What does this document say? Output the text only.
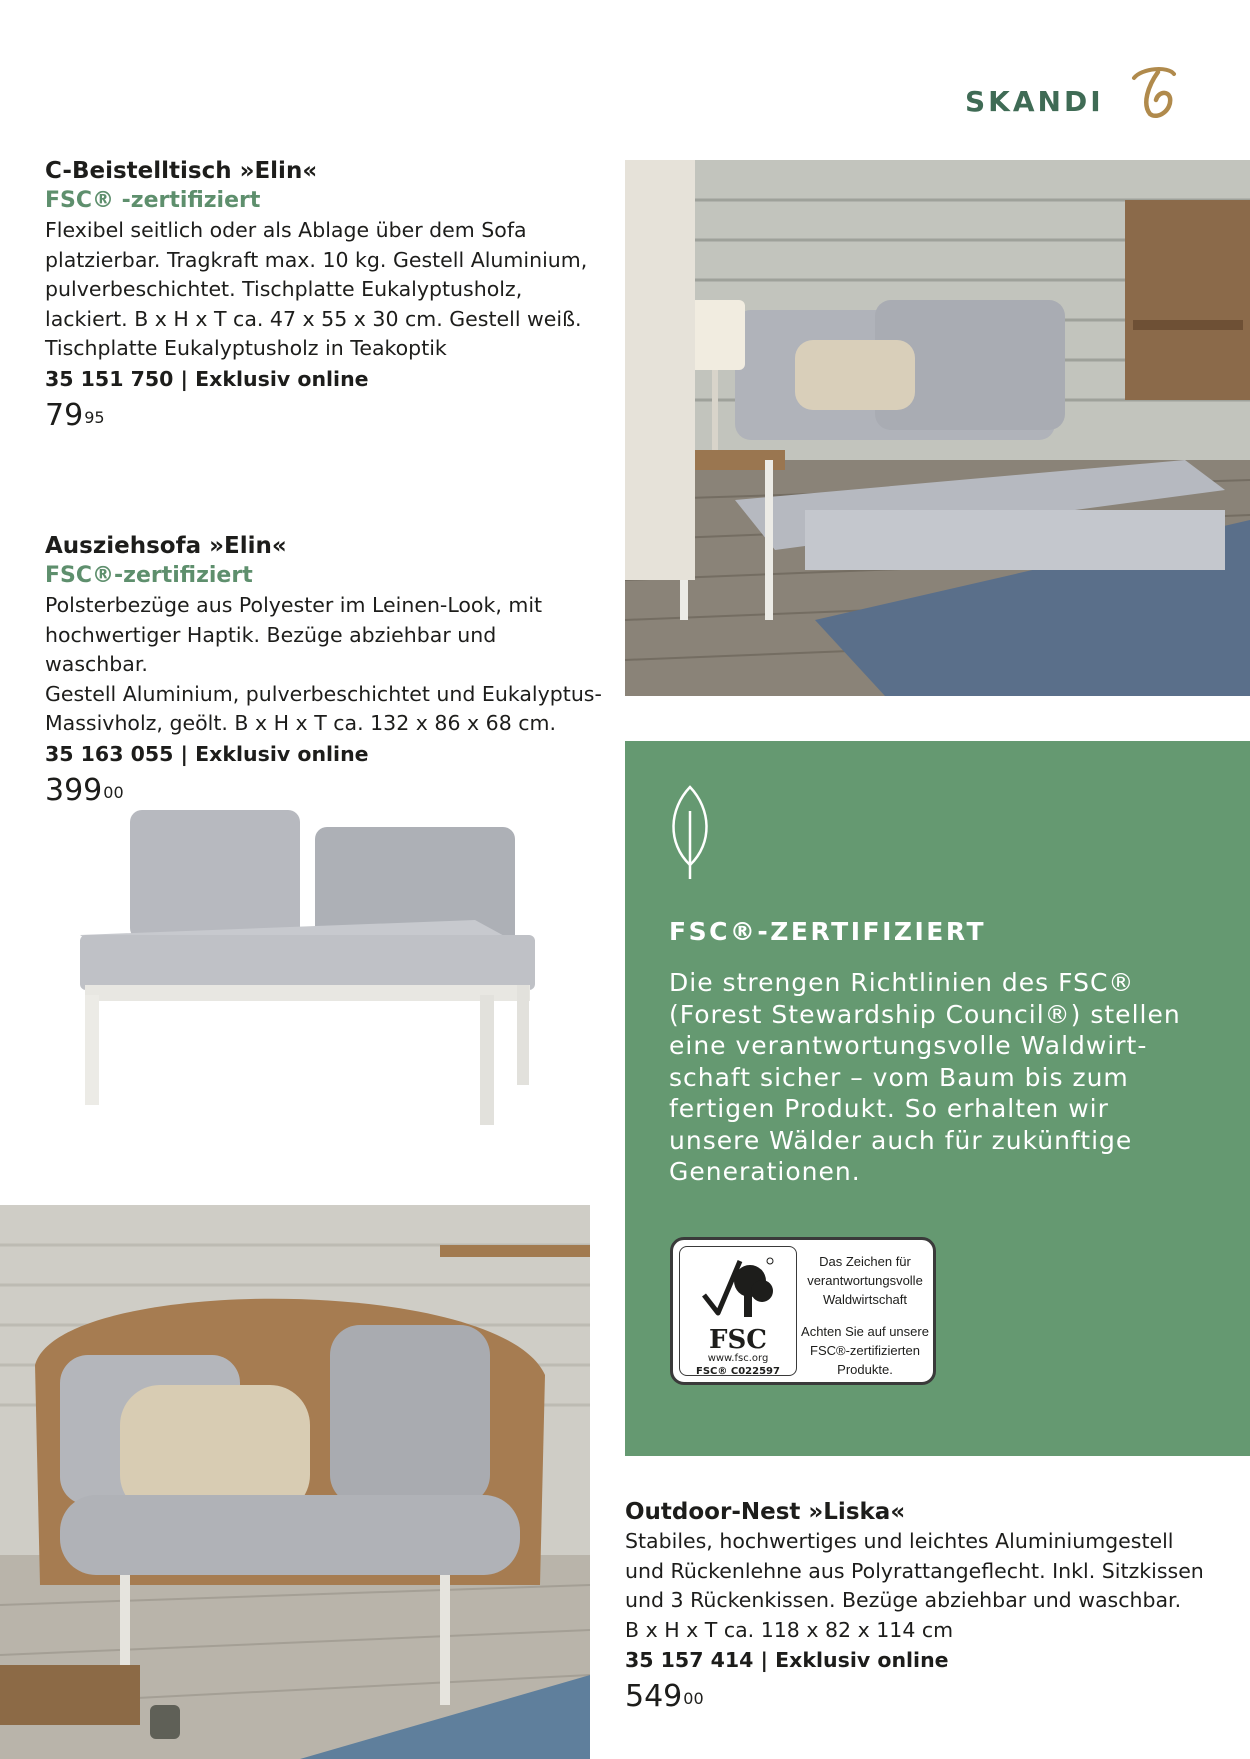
SKANDI
C-Beistelltisch »Elin«
FSC® -zertifiziert

Flexibel seitlich oder als Ablage über dem Sofa

platzierbar. Tragkraft max. 10 kg. Gestell Aluminium,

pulverbeschichtet. Tischplatte Eukalyptusholz,

lackiert. B x H x T ca. 47 x 55 x 30 cm. Gestell weiß.

Tischplatte Eukalyptusholz in Teakoptik

35 151 750 | Exklusiv online
$79^{95}$
Ausziehsofa »Elin«
FSC®-zertifiziert

Polsterbezüge aus Polyester im Leinen-Look, mit

hochwertiger Haptik. Bezüge abziehbar und waschbar.

Gestell Aluminium, pulverbeschichtet und Eukalyptus-

Massivholz, geölt. B x H x T ca. 132 x 86 x 68 cm.

35 163 055 | Exklusiv online
$399^{00}$
Outdoor-Nest »Liska«

Stabiles, hochwertiges und leichtes Aluminiumgestell

und Rückenlehne aus Polyrattangeflecht. Inkl. Sitzkissen

und 3 Rückenkissen. Bezüge abziehbar und waschbar.

B x H x T ca. 118 x 82 x 114 cm

35 157 414 | Exklusiv online
$549^{00}$
FSC®-ZERTIFIZIERT
Die strengen Richtlinien des FSC®
(Forest Stewardship Council®) stellen
eine verantwortungsvolle Waldwirt-
schaft sicher – vom Baum bis zum
fertigen Produkt. So erhalten wir
unsere Wälder auch für zukünftige
Generationen.
FSC
www.fsc.org
FSC® C022597
Das Zeichen für
verantwortungsvolle
Waldwirtschaft
Achten Sie auf unsere
FSC®-zertifizierten
Produkte.
